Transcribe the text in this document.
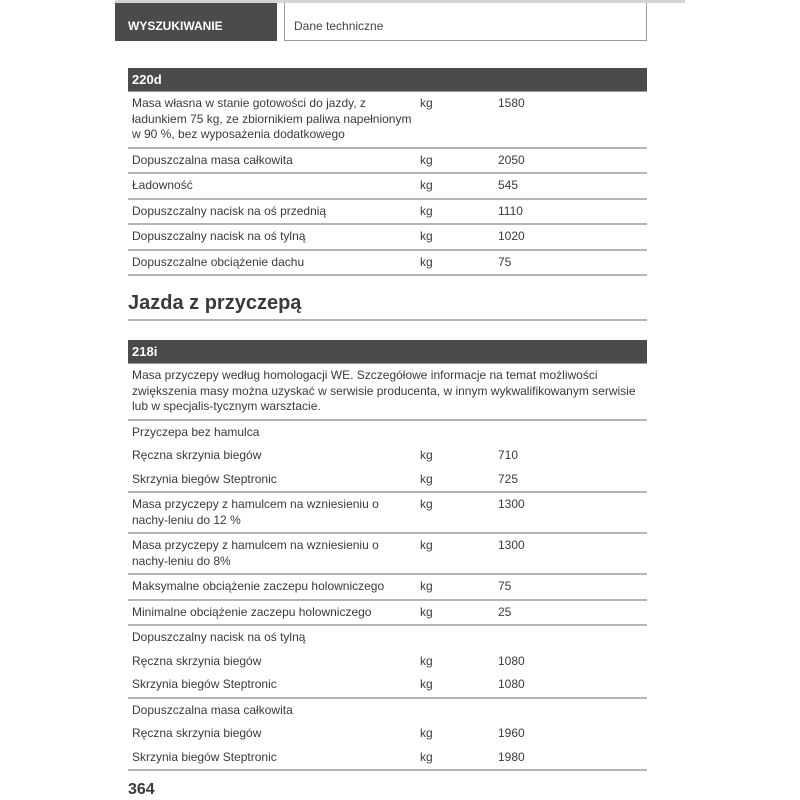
WYSZUKIWANIE	Dane techniczne
220d
Masa własna w stanie gotowości do jazdy, z ładunkiem 75 kg, ze zbiornikiem paliwa napełnionym w 90 %, bez wyposażenia dodatkowego
kg	1580
Dopuszczalna masa całkowita	kg	2050
Ładowność	kg	545
Dopuszczalny nacisk na oś przednią	kg	1110
Dopuszczalny nacisk na oś tylną	kg	1020
Dopuszczalne obciążenie dachu	kg	75
Jazda z przyczepą
218i
Masa przyczepy według homologacji WE. Szczegółowe informacje na temat możliwości zwiększenia masy można uzyskać w serwisie producenta, w innym wykwalifikowanym serwisie lub w specjalis-tycznym warsztacie.
Przyczepa bez hamulca
Ręczna skrzynia biegów	kg	710
Skrzynia biegów Steptronic	kg	725
Masa przyczepy z hamulcem na wzniesieniu o nachy-leniu do 12 %
kg	1300
Masa przyczepy z hamulcem na wzniesieniu o nachy-leniu do 8%
kg	1300
Maksymalne obciążenie zaczepu holowniczego	kg	75
Minimalne obciążenie zaczepu holowniczego	kg	25
Dopuszczalny nacisk na oś tylną
Ręczna skrzynia biegów	kg	1080
Skrzynia biegów Steptronic	kg	1080
Dopuszczalna masa całkowita
Ręczna skrzynia biegów	kg	1960
Skrzynia biegów Steptronic	kg	1980
364
